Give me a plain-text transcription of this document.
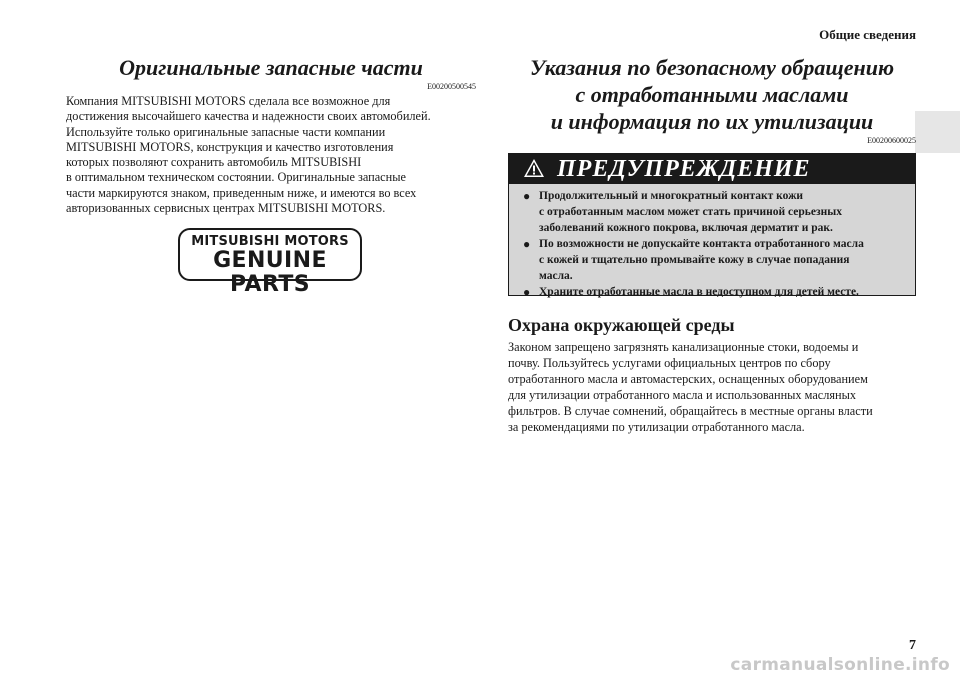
Общие сведения
Оригинальные запасные части
E00200500545

Компания MITSUBISHI MOTORS сделала все возможное для
достижения высочайшего качества и надежности своих автомобилей.
Используйте только оригинальные запасные части компании
MITSUBISHI MOTORS, конструкция и качество изготовления
которых позволяют сохранить автомобиль MITSUBISHI
в оптимальном техническом состоянии. Оригинальные запасные
части маркируются знаком, приведенным ниже, и имеются во всех
авторизованных сервисных центрах MITSUBISHI MOTORS.

MITSUBISHI MOTORS
GENUINE PARTS
Указания по безопасному обращению
с отработанными маслами
и информация по их утилизации
E00200600025
ПРЕДУПРЕЖДЕНИЕ
● Продолжительный и многократный контакт кожи
с отработанным маслом может стать причиной серьезных
заболеваний кожного покрова, включая дерматит и рак.
● По возможности не допускайте контакта отработанного масла
с кожей и тщательно промывайте кожу в случае попадания
масла.
● Храните отработанные масла в недоступном для детей месте.
Охрана окружающей среды

Законом запрещено загрязнять канализационные стоки, водоемы и
почву. Пользуйтесь услугами официальных центров по сбору
отработанного масла и автомастерских, оснащенных оборудованием
для утилизации отработанного масла и использованных масляных
фильтров. В случае сомнений, обращайтесь в местные органы власти
за рекомендациями по утилизации отработанного масла.

7
carmanualsonline.info
